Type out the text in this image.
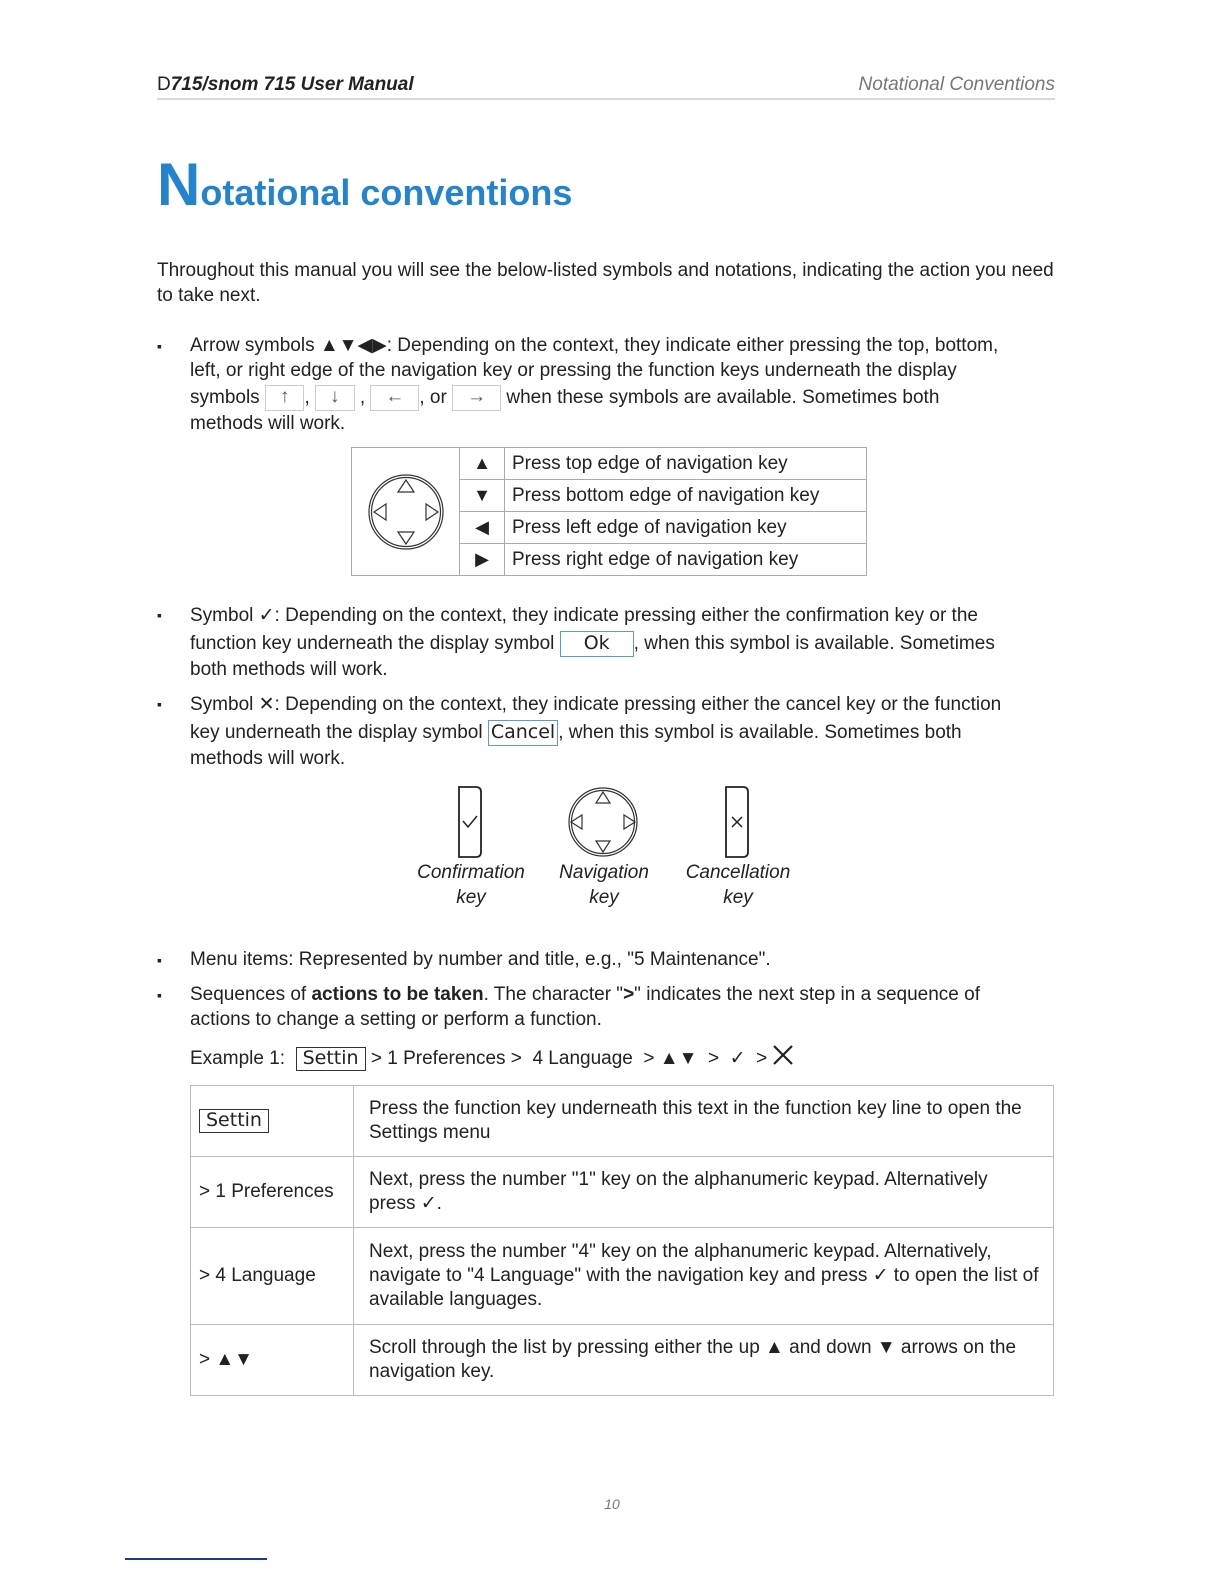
D715/snom 715 User Manual	Notational Conventions
Notational conventions
Throughout this manual you will see the below-listed symbols and notations, indicating the action you need to take next.
▪ Arrow symbols ▲▼◀▶: Depending on the context, they indicate either pressing the top, bottom,
left, or right edge of the navigation key or pressing the function keys underneath the display
symbols ↑ , ↓ , ← , or → when these symbols are available. Sometimes both
methods will work.
	▲	Press top edge of navigation key
	▼	Press bottom edge of navigation key
	◀	Press left edge of navigation key
	▶	Press right edge of navigation key
▪ Symbol ✓: Depending on the context, they indicate pressing either the confirmation key or the
function key underneath the display symbol Ok , when this symbol is available. Sometimes
both methods will work.
▪ Symbol ✕: Depending on the context, they indicate pressing either the cancel key or the function
key underneath the display symbol Cancel , when this symbol is available. Sometimes both
methods will work.
Confirmation
key
Navigation
key
Cancellation
key
▪ Menu items: Represented by number and title, e.g., "5 Maintenance".
▪ Sequences of actions to be taken. The character ">" indicates the next step in a sequence of
actions to change a setting or perform a function.
Example 1: Settin > 1 Preferences >  4 Language  > ▲▼  >  ✓  >
Settin	Press the function key underneath this text in the function key line to open the Settings menu
> 1 Preferences	Next, press the number "1" key on the alphanumeric keypad. Alternatively press ✓.
> 4 Language	Next, press the number "4" key on the alphanumeric keypad. Alternatively, navigate to "4 Language" with the navigation key and press ✓ to open the list of available languages.
> ▲▼	Scroll through the list by pressing either the up ▲ and down ▼ arrows on the navigation key.
10
